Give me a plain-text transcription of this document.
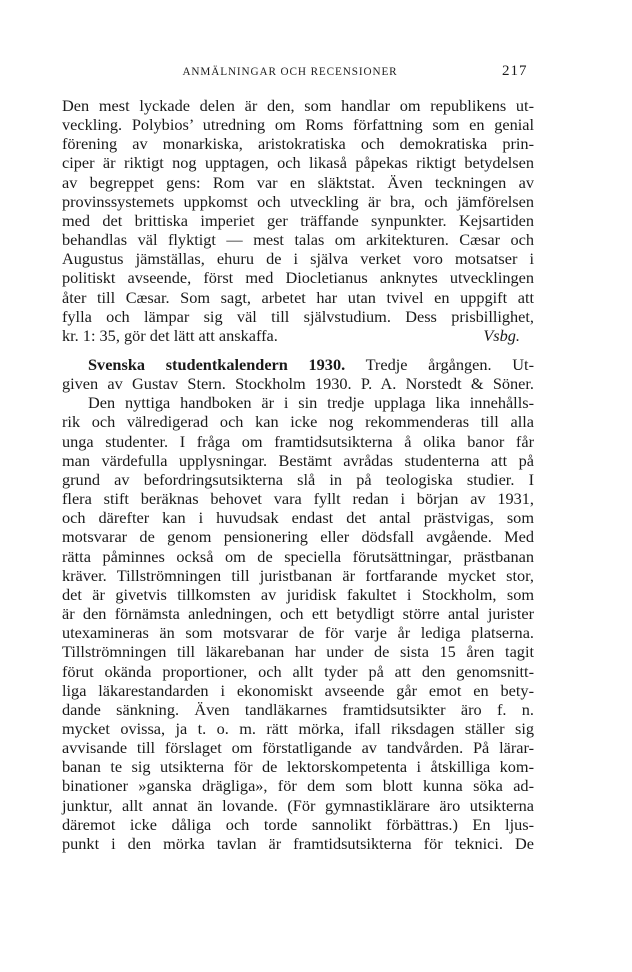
ANMÄLNINGAR OCH RECENSIONER	217
Den mest lyckade delen är den, som handlar om republikens ut-
veckling. Polybios’ utredning om Roms författning som en genial
förening av monarkiska, aristokratiska och demokratiska prin-
ciper är riktigt nog upptagen, och likaså påpekas riktigt betydelsen
av begreppet gens: Rom var en släktstat. Även teckningen av
provinssystemets uppkomst och utveckling är bra, och jämförelsen
med det brittiska imperiet ger träffande synpunkter. Kejsartiden
behandlas väl flyktigt — mest talas om arkitekturen. Cæsar och
Augustus jämställas, ehuru de i själva verket voro motsatser i
politiskt avseende, först med Diocletianus anknytes utvecklingen
åter till Cæsar. Som sagt, arbetet har utan tvivel en uppgift att
fylla och lämpar sig väl till självstudium. Dess prisbillighet,
kr. 1: 35, gör det lätt att anskaffa.	Vsbg.
Svenska studentkalendern 1930. Tredje årgången. Ut-
given av Gustav Stern. Stockholm 1930. P. A. Norstedt & Söner.
Den nyttiga handboken är i sin tredje upplaga lika innehålls-
rik och välredigerad och kan icke nog rekommenderas till alla
unga studenter. I fråga om framtidsutsikterna å olika banor får
man värdefulla upplysningar. Bestämt avrådas studenterna att på
grund av befordringsutsikterna slå in på teologiska studier. I
flera stift beräknas behovet vara fyllt redan i början av 1931,
och därefter kan i huvudsak endast det antal prästvigas, som
motsvarar de genom pensionering eller dödsfall avgående. Med
rätta påminnes också om de speciella förutsättningar, prästbanan
kräver. Tillströmningen till juristbanan är fortfarande mycket stor,
det är givetvis tillkomsten av juridisk fakultet i Stockholm, som
är den förnämsta anledningen, och ett betydligt större antal jurister
utexamineras än som motsvarar de för varje år lediga platserna.
Tillströmningen till läkarebanan har under de sista 15 åren tagit
förut okända proportioner, och allt tyder på att den genomsnitt-
liga läkarestandarden i ekonomiskt avseende går emot en bety-
dande sänkning. Även tandläkarnes framtidsutsikter äro f. n.
mycket ovissa, ja t. o. m. rätt mörka, ifall riksdagen ställer sig
avvisande till förslaget om förstatligande av tandvården. På lärar-
banan te sig utsikterna för de lektorskompetenta i åtskilliga kom-
binationer »ganska drägliga», för dem som blott kunna söka ad-
junktur, allt annat än lovande. (För gymnastiklärare äro utsikterna
däremot icke dåliga och torde sannolikt förbättras.) En ljus-
punkt i den mörka tavlan är framtidsutsikterna för teknici. De
